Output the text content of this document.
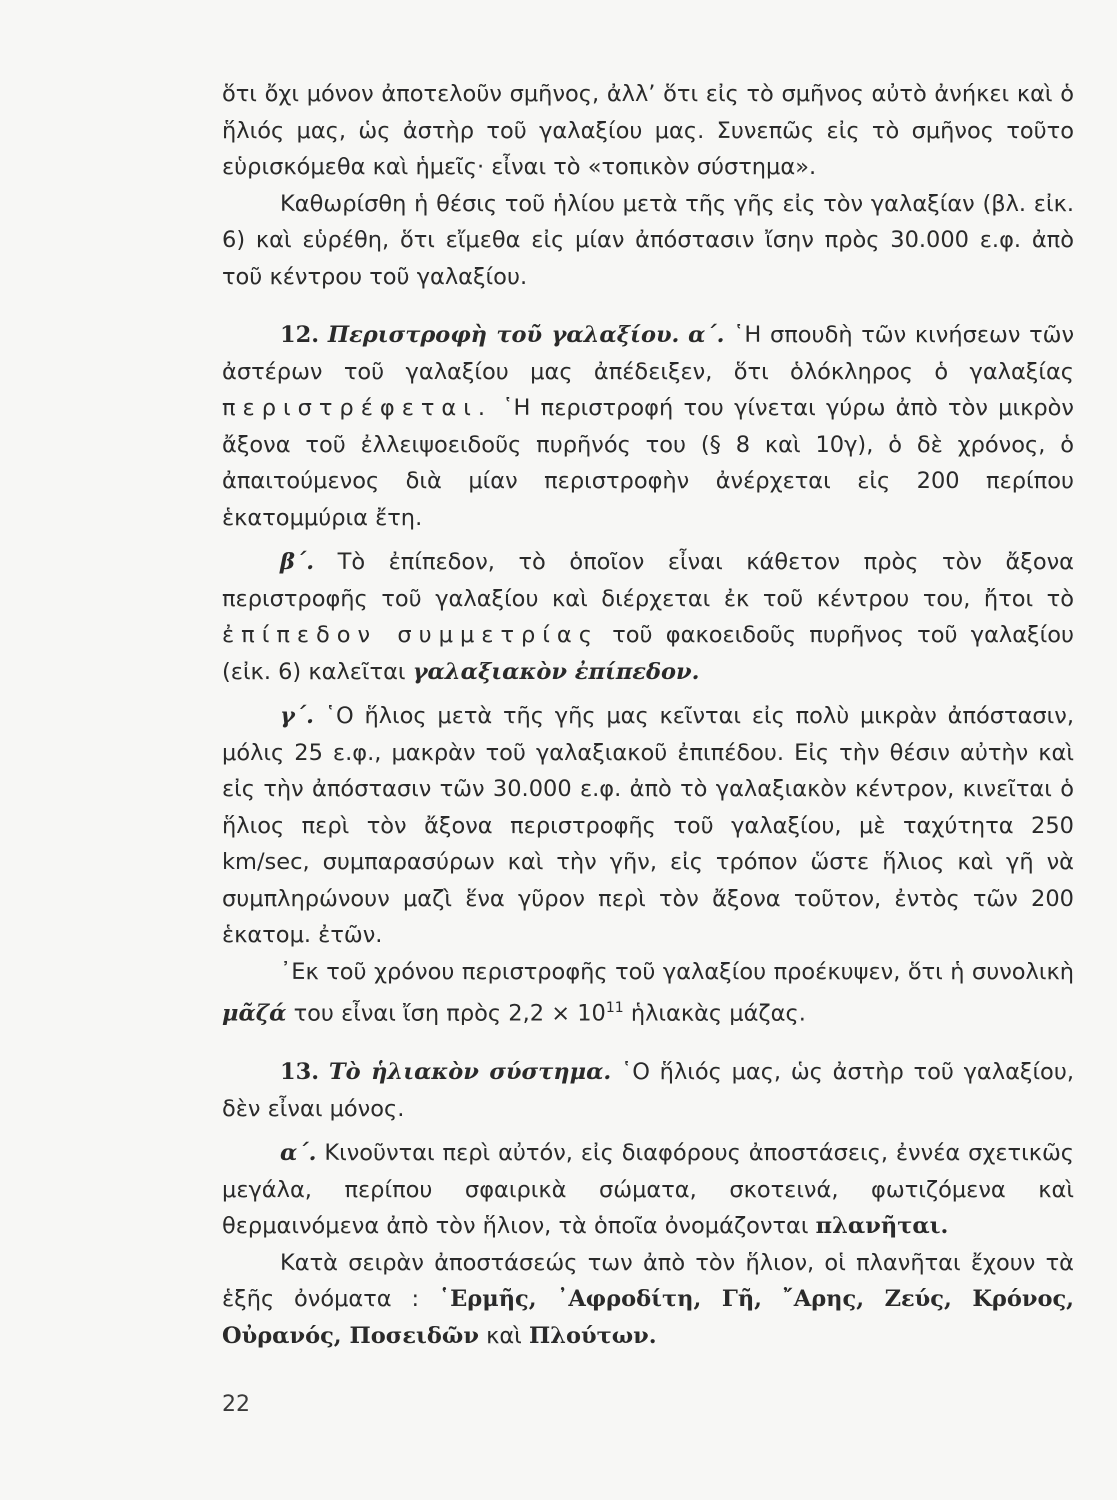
ὅτι ὄχι μόνον ἀποτελοῦν σμῆνος, ἀλλ’ ὅτι εἰς τὸ σμῆνος αὐτὸ ἀνήκει καὶ ὁ ἥλιός μας, ὡς ἀστὴρ τοῦ γαλαξίου μας. Συνεπῶς εἰς τὸ σμῆνος τοῦτο εὑρισκόμεθα καὶ ἡμεῖς· εἶναι τὸ «τοπικὸν σύστημα».

Καθωρίσθη ἡ θέσις τοῦ ἡλίου μετὰ τῆς γῆς εἰς τὸν γαλαξίαν (βλ. εἰκ. 6) καὶ εὑρέθη, ὅτι εἴμεθα εἰς μίαν ἀπόστασιν ἴσην πρὸς 30.000 ε.φ. ἀπὸ τοῦ κέντρου τοῦ γαλαξίου.

12. Περιστροφὴ τοῦ γαλαξίου. α΄. ῾Η σπουδὴ τῶν κινήσεων τῶν ἀστέρων τοῦ γαλαξίου μας ἀπέδειξεν, ὅτι ὁλόκληρος ὁ γαλαξίας περιστρέφεται. ῾Η περιστροφή του γίνεται γύρω ἀπὸ τὸν μικρὸν ἄξονα τοῦ ἐλλειψοειδοῦς πυρῆνός του (§ 8 καὶ 10γ), ὁ δὲ χρόνος, ὁ ἀπαιτούμενος διὰ μίαν περιστροφὴν ἀνέρχεται εἰς 200 περίπου ἑκατομμύρια ἔτη.

β΄. Τὸ ἐπίπεδον, τὸ ὁποῖον εἶναι κάθετον πρὸς τὸν ἄξονα περιστροφῆς τοῦ γαλαξίου καὶ διέρχεται ἐκ τοῦ κέντρου του, ἤτοι τὸ ἐπίπεδον συμμετρίας τοῦ φακοειδοῦς πυρῆνος τοῦ γαλαξίου (εἰκ. 6) καλεῖται γαλαξιακὸν ἐπίπεδον.

γ΄. ῾Ο ἥλιος μετὰ τῆς γῆς μας κεῖνται εἰς πολὺ μικρὰν ἀπόστασιν, μόλις 25 ε.φ., μακρὰν τοῦ γαλαξιακοῦ ἐπιπέδου. Εἰς τὴν θέσιν αὐτὴν καὶ εἰς τὴν ἀπόστασιν τῶν 30.000 ε.φ. ἀπὸ τὸ γαλαξιακὸν κέντρον, κινεῖται ὁ ἥλιος περὶ τὸν ἄξονα περιστροφῆς τοῦ γαλαξίου, μὲ ταχύτητα 250 km/sec, συμπαρασύρων καὶ τὴν γῆν, εἰς τρόπον ὥστε ἥλιος καὶ γῆ νὰ συμπληρώνουν μαζὶ ἕνα γῦρον περὶ τὸν ἄξονα τοῦτον, ἐντὸς τῶν 200 ἑκατομ. ἐτῶν.

᾿Εκ τοῦ χρόνου περιστροφῆς τοῦ γαλαξίου προέκυψεν, ὅτι ἡ συνολικὴ μᾶζά του εἶναι ἴση πρὸς $2,2 \times 10^{11}$ ἡλιακὰς μάζας.

13. Τὸ ἡλιακὸν σύστημα. ῾Ο ἥλιός μας, ὡς ἀστὴρ τοῦ γαλαξίου, δὲν εἶναι μόνος.

α΄. Κινοῦνται περὶ αὐτόν, εἰς διαφόρους ἀποστάσεις, ἐννέα σχετικῶς μεγάλα, περίπου σφαιρικὰ σώματα, σκοτεινά, φωτιζόμενα καὶ θερμαινόμενα ἀπὸ τὸν ἥλιον, τὰ ὁποῖα ὀνομάζονται πλανῆται.

Κατὰ σειρὰν ἀποστάσεώς των ἀπὸ τὸν ἥλιον, οἱ πλανῆται ἔχουν τὰ ἑξῆς ὀνόματα : ῾Ερμῆς, ᾿Αφροδίτη, Γῆ, ῎Αρης, Ζεύς, Κρόνος, Οὐρανός, Ποσειδῶν καὶ Πλούτων.

22
